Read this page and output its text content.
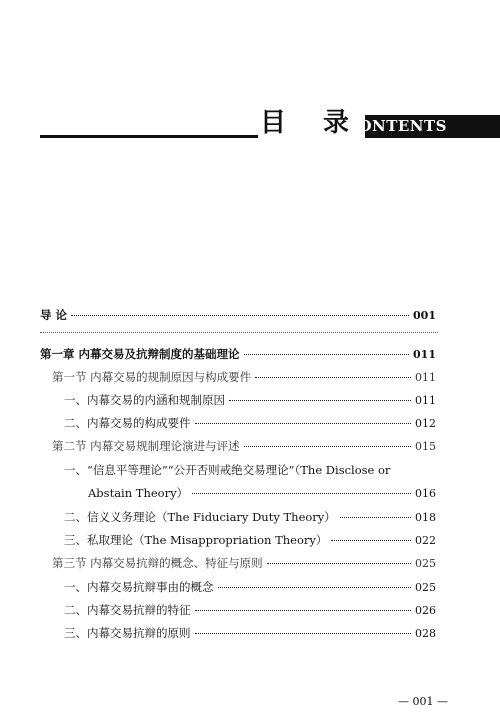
目 录
CONTENTS
导 论	001
第一章 内幕交易及抗辩制度的基础理论	011
第一节 内幕交易的规制原因与构成要件	011
一、内幕交易的内涵和规制原因	011
二、内幕交易的构成要件	012
第二节 内幕交易规制理论演进与评述	015
一、“信息平等理论”“公开否则戒绝交易理论”（The Disclose or
Abstain Theory）	016
二、信义义务理论（The Fiduciary Duty Theory）	018
三、私取理论（The Misappropriation Theory）	022
第三节 内幕交易抗辩的概念、特征与原则	025
一、内幕交易抗辩事由的概念	025
二、内幕交易抗辩的特征	026
三、内幕交易抗辩的原则	028
— 001 —
